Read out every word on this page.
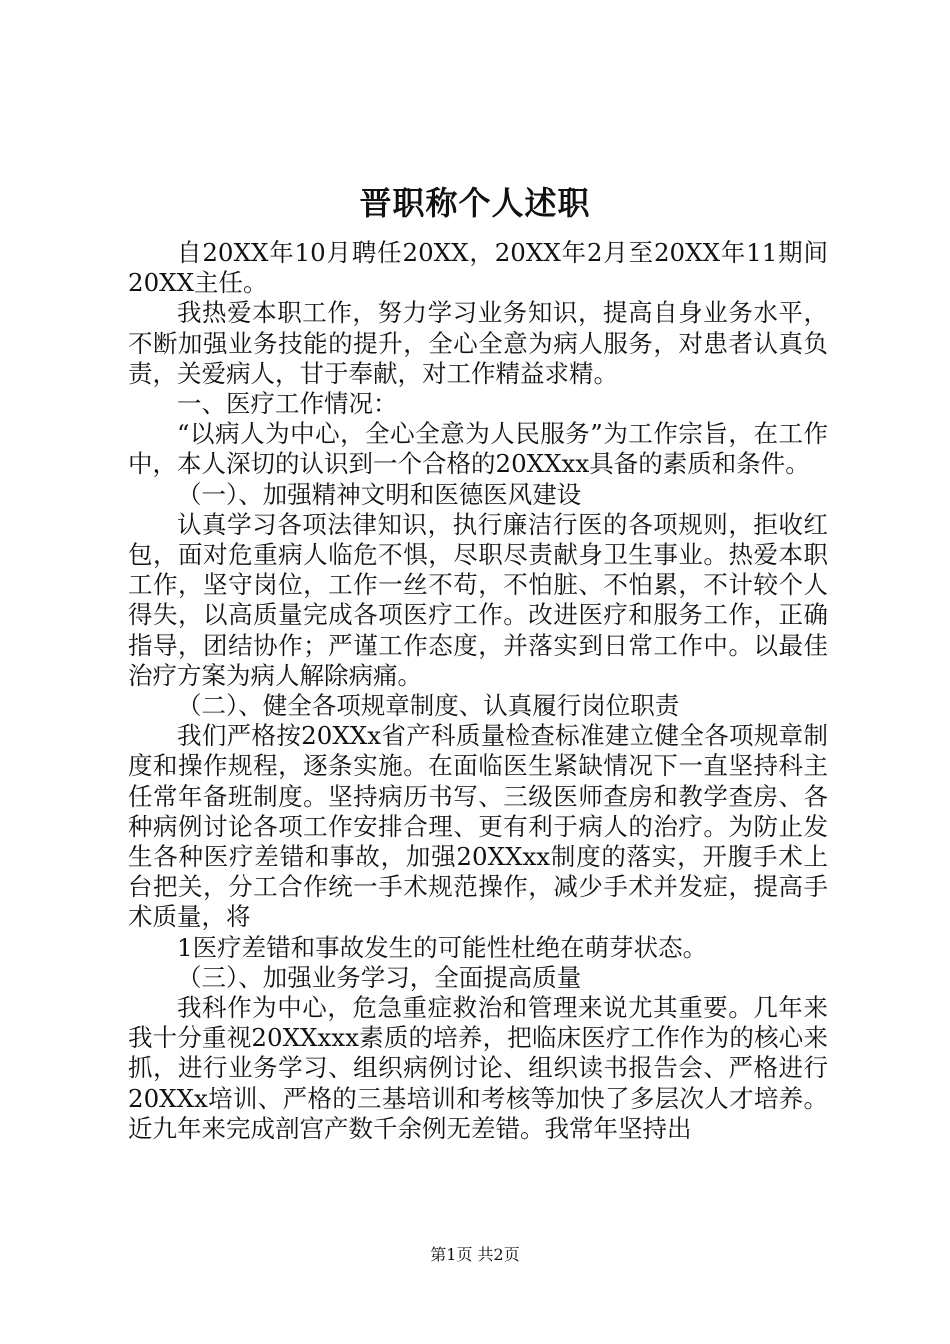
晋职称个人述职

自20XX年10月聘任20XX，20XX年2月至20XX年11期间20XX主任。

我热爱本职工作，努力学习业务知识，提高自身业务水平，不断加强业务技能的提升，全心全意为病人服务，对患者认真负责，关爱病人，甘于奉献，对工作精益求精。

一、医疗工作情况：

“以病人为中心，全心全意为人民服务”为工作宗旨，在工作中，本人深切的认识到一个合格的20XXxx具备的素质和条件。

（一）、加强精神文明和医德医风建设

认真学习各项法律知识，执行廉洁行医的各项规则，拒收红包，面对危重病人临危不惧，尽职尽责献身卫生事业。热爱本职工作，坚守岗位，工作一丝不苟，不怕脏、不怕累，不计较个人得失，以高质量完成各项医疗工作。改进医疗和服务工作，正确指导，团结协作；严谨工作态度，并落实到日常工作中。以最佳治疗方案为病人解除病痛。

（二）、健全各项规章制度、认真履行岗位职责

我们严格按20XXx省产科质量检查标准建立健全各项规章制度和操作规程，逐条实施。在面临医生紧缺情况下一直坚持科主任常年备班制度。坚持病历书写、三级医师查房和教学查房、各种病例讨论各项工作安排合理、更有利于病人的治疗。为防止发生各种医疗差错和事故，加强20XXxx制度的落实，开腹手术上台把关，分工合作统一手术规范操作，减少手术并发症，提高手术质量，将

1医疗差错和事故发生的可能性杜绝在萌芽状态。

（三）、加强业务学习，全面提高质量

我科作为中心，危急重症救治和管理来说尤其重要。几年来我十分重视20XXxxx素质的培养，把临床医疗工作作为的核心来抓，进行业务学习、组织病例讨论、组织读书报告会、严格进行20XXx培训、严格的三基培训和考核等加快了多层次人才培养。近九年来完成剖宫产数千余例无差错。我常年坚持出

第1页 共2页
